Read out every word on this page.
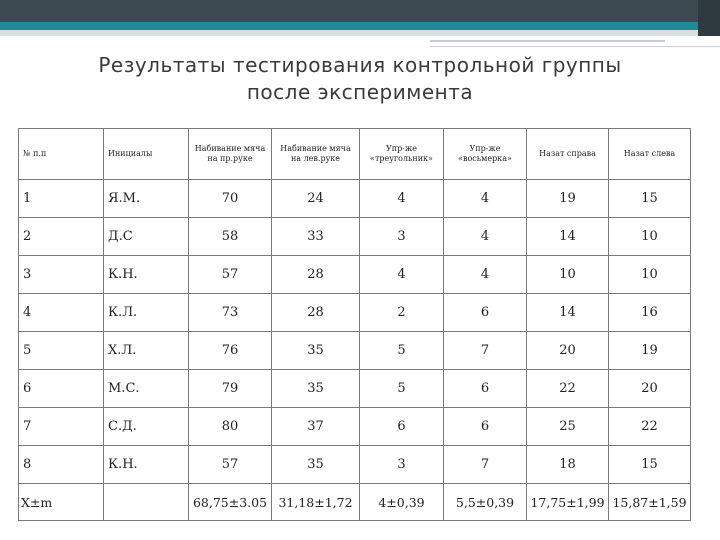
Результаты тестирования контрольной группы
после эксперимента
№ п.п	Инициалы	Набивание мяча на пр.руке	Набивание мяча на лев.руке	Упр-же «треугольник»	Упр-же «восьмерка»	Назат справа	Назат слева
1	Я.М.	70	24	4	4	19	15
2	Д.С	58	33	3	4	14	10
3	К.Н.	57	28	4	4	10	10
4	К.Л.	73	28	2	6	14	16
5	Х.Л.	76	35	5	7	20	19
6	М.С.	79	35	5	6	22	20
7	С.Д.	80	37	6	6	25	22
8	К.Н.	57	35	3	7	18	15
X±m		68,75±3.05	31,18±1,72	4±0,39	5,5±0,39	17,75±1,99	15,87±1,59
